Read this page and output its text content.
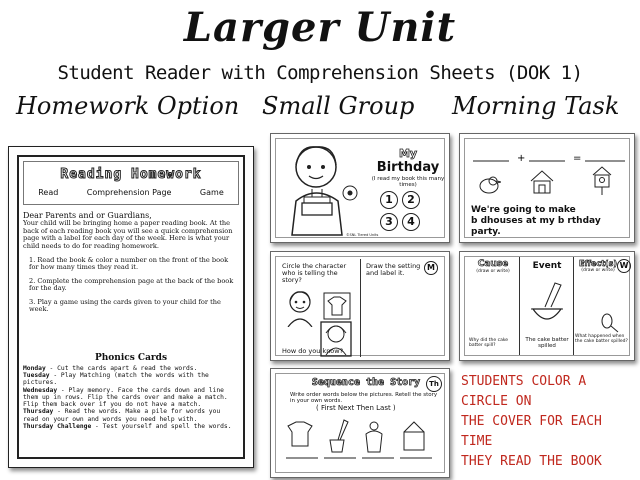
Larger Unit
Student Reader with Comprehension Sheets (DOK 1)
Homework Option Small Group Morning Task
Reading Homework
Read	Comprehension Page	Game

Dear Parents and or Guardians,

Your child will be bringing home a paper reading book. At the back of each reading book you will see a quick comprehension page with a label for each day of the week. Here is what your child needs to do for reading homework.

1. Read the book & color a number on the front of the book for how many times they read it.

2. Complete the comprehension page at the back of the book for the day.

3. Play a game using the cards given to your child for the week.

Phonics Cards

Monday - Cut the cards apart & read the words.

Tuesday - Play Matching (match the words with the pictures.

Wednesday - Play memory. Face the cards down and line them up in rows. Flip the cards over and make a match. Flip them back over if you do not have a match.

Thursday - Read the words. Make a pile for words you read on your own and words you need help with.

Thursday Challenge - Test yourself and spell the words.

My
Birthday
(I read my book this many times)
1	2
3	4
©SNL Tiered Units
Circle the character who is telling the story?
Draw the setting and label it.
M
How do you know?
Sequence the Story	Th
Write order words below the pictures. Retell the story in your own words.
( First Next Then Last )
+	=
We're going to make
b dhouses at my b rthday
party.
Cause
(draw or write)
Event	Effect(s)
(draw or write)
W
Why did the cake batter spill?
The cake batter spilled
What happened when the cake batter spilled?
STUDENTS COLOR A CIRCLE ON
THE COVER FOR EACH TIME
THEY READ THE BOOK
